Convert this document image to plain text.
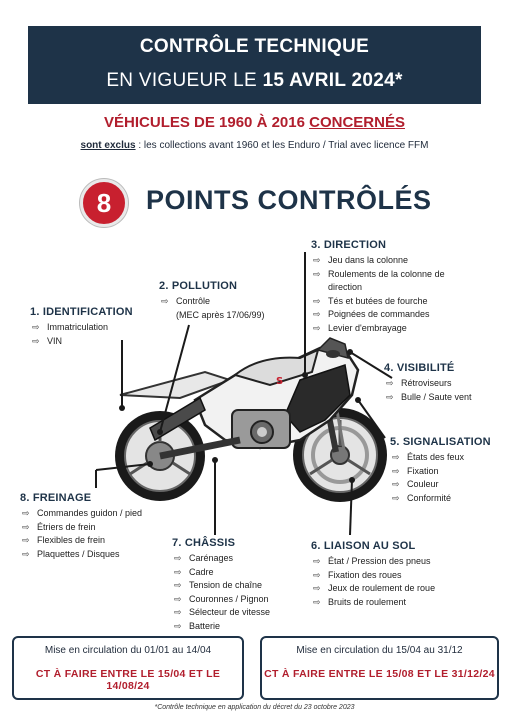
CONTRÔLE TECHNIQUE
EN VIGUEUR LE 15 AVRIL 2024*
VÉHICULES DE 1960 À 2016 CONCERNÉS
sont exclus : les collections avant 1960 et les Enduro / Trial avec licence FFM
8	POINTS CONTRÔLÉS
S
1. IDENTIFICATION
⇨ Immatriculation
⇨ VIN
2. POLLUTION
⇨ Contrôle
(MEC après 17/06/99)
3. DIRECTION
⇨ Jeu dans la colonne
⇨ Roulements de la colonne de
direction
⇨ Tés et butées de fourche
⇨ Poignées de commandes
⇨ Levier d'embrayage
4. VISIBILITÉ
⇨ Rétroviseurs
⇨ Bulle / Saute vent
5. SIGNALISATION
⇨ États des feux
⇨ Fixation
⇨ Couleur
⇨ Conformité
6. LIAISON AU SOL
⇨ État / Pression des pneus
⇨ Fixation des roues
⇨ Jeux de roulement de roue
⇨ Bruits de roulement
7. CHÂSSIS
⇨ Carénages
⇨ Cadre
⇨ Tension de chaîne
⇨ Couronnes / Pignon
⇨ Sélecteur de vitesse
⇨ Batterie
8. FREINAGE
⇨ Commandes guidon / pied
⇨ Étriers de frein
⇨ Flexibles de frein
⇨ Plaquettes / Disques
Mise en circulation du 01/01 au 14/04
CT À FAIRE ENTRE LE 15/04 ET LE 14/08/24
Mise en circulation du 15/04 au 31/12
CT À FAIRE ENTRE LE 15/08 ET LE 31/12/24
*Contrôle technique en application du décret du 23 octobre 2023
